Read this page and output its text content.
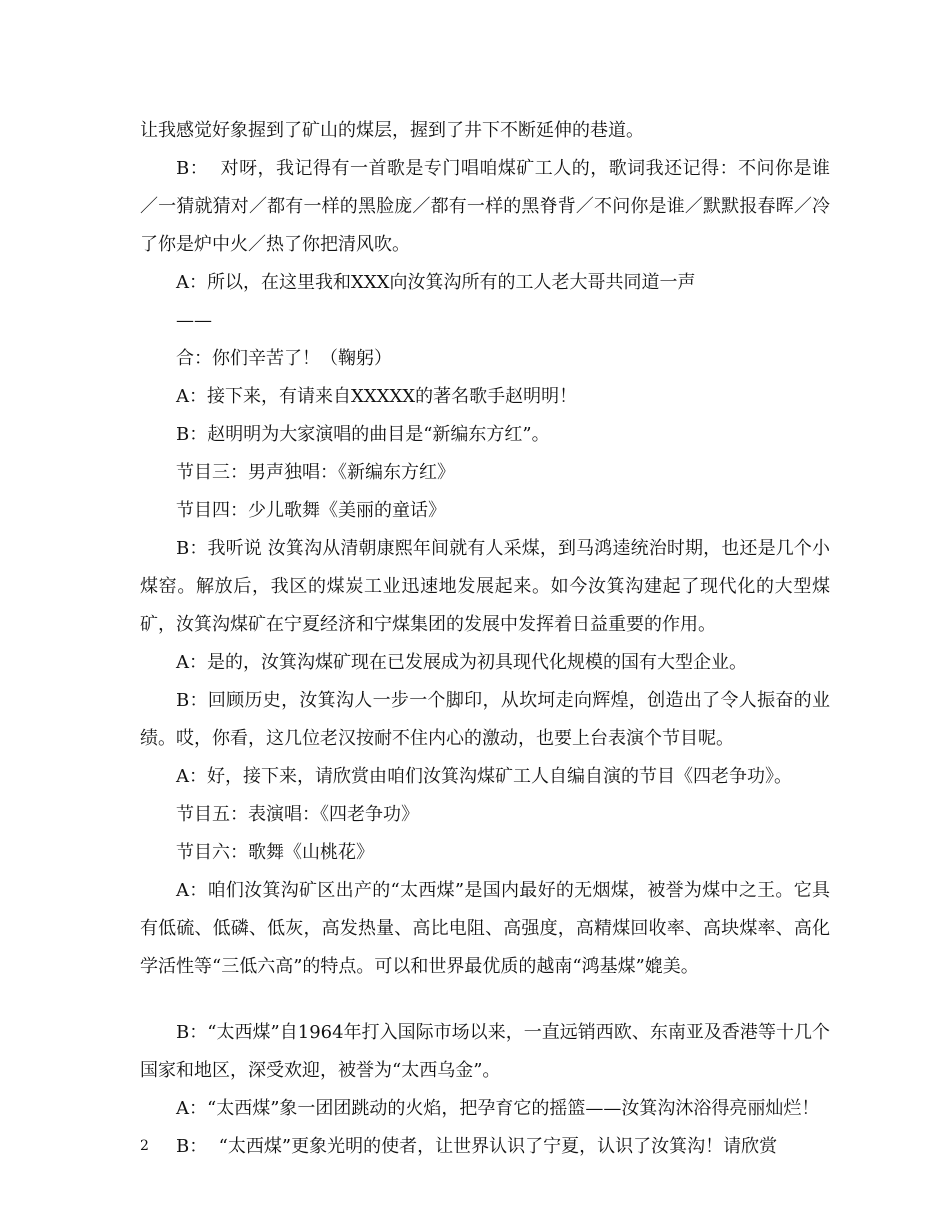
让我感觉好象握到了矿山的煤层，握到了井下不断延伸的巷道。

B：  对呀，我记得有一首歌是专门唱咱煤矿工人的，歌词我还记得：不问你是谁／一猜就猜对／都有一样的黑脸庞／都有一样的黑脊背／不问你是谁／默默报春晖／冷了你是炉中火／热了你把清风吹。

A：所以，在这里我和XXX向汝箕沟所有的工人老大哥共同道一声

——

合：你们辛苦了！（鞠躬）

A：接下来，有请来自XXXXX的著名歌手赵明明！

B：赵明明为大家演唱的曲目是“新编东方红”。

节目三：男声独唱：《新编东方红》

节目四：少儿歌舞《美丽的童话》

B：我听说 汝箕沟从清朝康熙年间就有人采煤，到马鸿逵统治时期，也还是几个小煤窑。解放后，我区的煤炭工业迅速地发展起来。如今汝箕沟建起了现代化的大型煤矿，汝箕沟煤矿在宁夏经济和宁煤集团的发展中发挥着日益重要的作用。

A：是的，汝箕沟煤矿现在已发展成为初具现代化规模的国有大型企业。

B：回顾历史，汝箕沟人一步一个脚印，从坎坷走向辉煌，创造出了令人振奋的业绩。哎，你看，这几位老汉按耐不住内心的激动，也要上台表演个节目呢。

A：好，接下来，请欣赏由咱们汝箕沟煤矿工人自编自演的节目《四老争功》。

节目五：表演唱：《四老争功》

节目六：歌舞《山桃花》

A：咱们汝箕沟矿区出产的“太西煤”是国内最好的无烟煤，被誉为煤中之王。它具有低硫、低磷、低灰，高发热量、高比电阻、高强度，高精煤回收率、高块煤率、高化学活性等“三低六高”的特点。可以和世界最优质的越南“鸿基煤”媲美。

B：“太西煤”自1964年打入国际市场以来，一直远销西欧、东南亚及香港等十几个国家和地区，深受欢迎，被誉为“太西乌金”。

A：“太西煤”象一团团跳动的火焰，把孕育它的摇篮——汝箕沟沐浴得亮丽灿烂！

B：  “太西煤”更象光明的使者，让世界认识了宁夏，认识了汝箕沟！请欣赏

2
